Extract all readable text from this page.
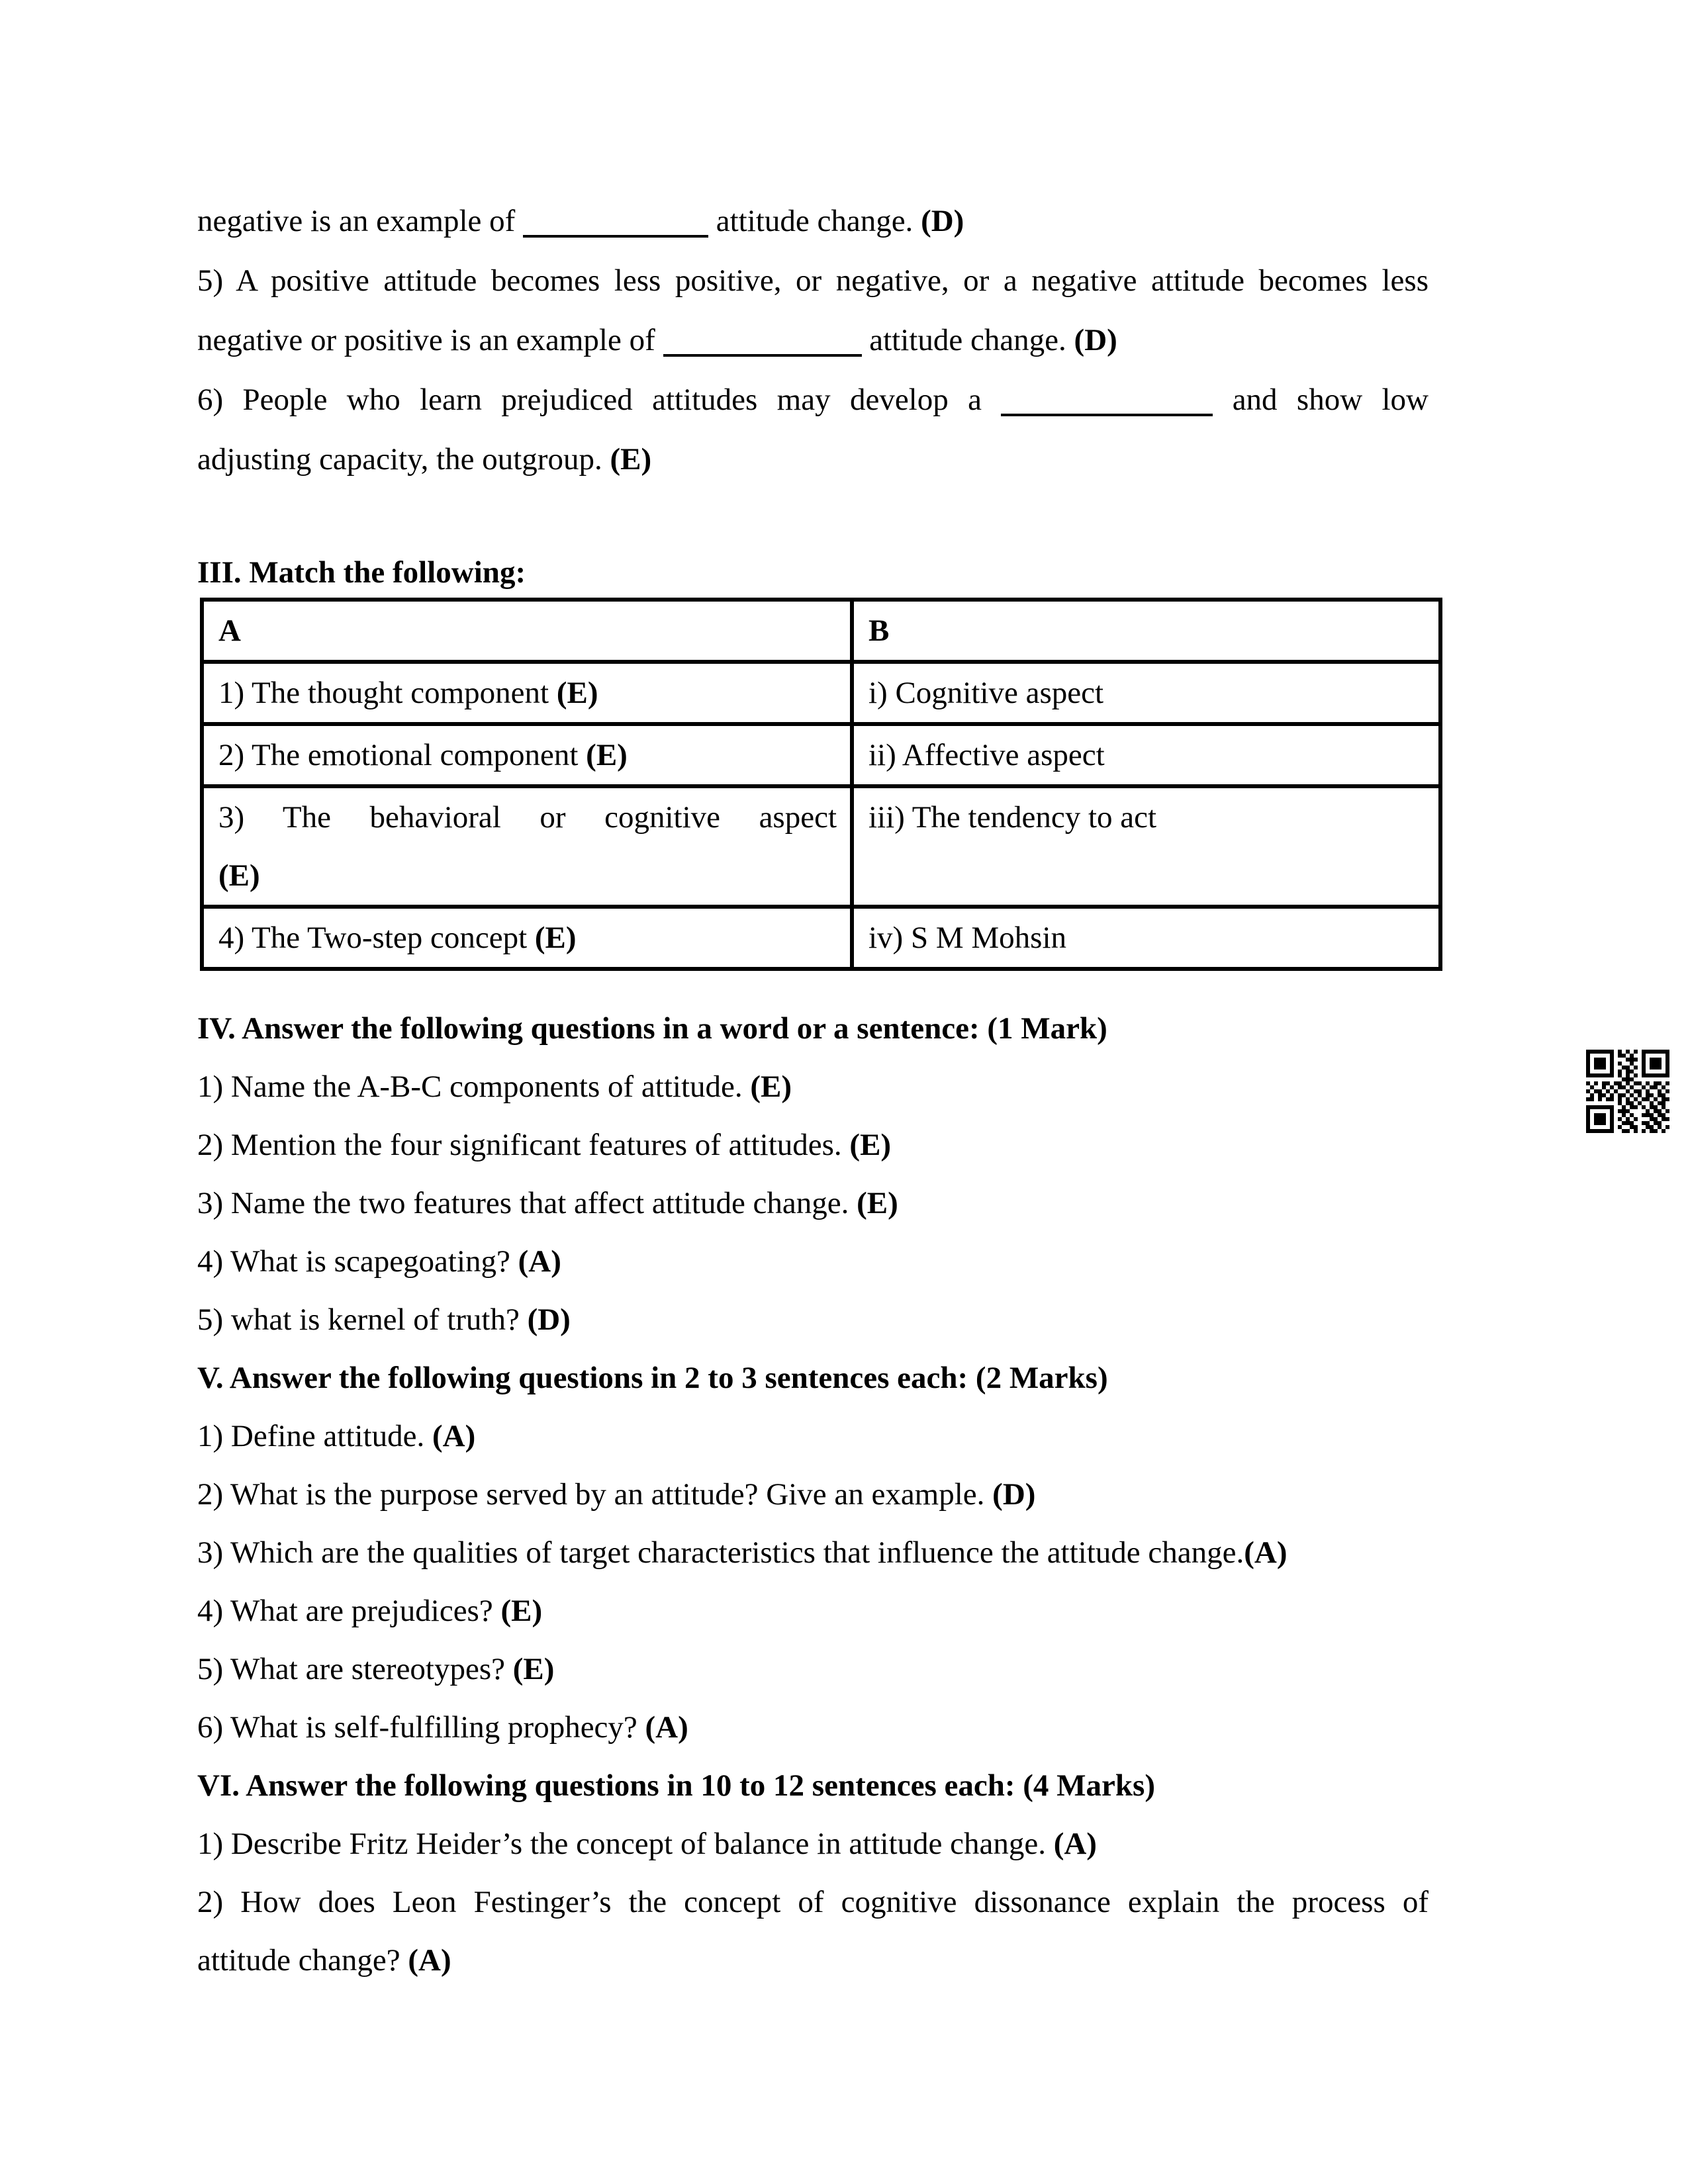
negative is an example of	attitude change. (D)
5) A positive attitude becomes less positive, or negative, or a negative attitude becomes less
negative or positive is an example of	attitude change. (D)
6) People who learn prejudiced attitudes may develop a	and show low
adjusting capacity, the outgroup. (E)
III. Match the following:
A	B
1) The thought component (E)	i) Cognitive aspect
2) The emotional component (E)	ii) Affective aspect

3) The behavioral or cognitive aspect
(E)	iii) The tendency to act
4) The Two-step concept (E)	iv) S M Mohsin
IV. Answer the following questions in a word or a sentence: (1 Mark)
1) Name the A-B-C components of attitude. (E)
2) Mention the four significant features of attitudes. (E)
3) Name the two features that affect attitude change. (E)
4) What is scapegoating? (A)
5) what is kernel of truth? (D)
V. Answer the following questions in 2 to 3 sentences each: (2 Marks)
1) Define attitude. (A)
2) What is the purpose served by an attitude? Give an example. (D)
3) Which are the qualities of target characteristics that influence the attitude change.(A)
4) What are prejudices? (E)
5) What are stereotypes? (E)
6) What is self-fulfilling prophecy? (A)
VI. Answer the following questions in 10 to 12 sentences each: (4 Marks)
1) Describe Fritz Heider’s the concept of balance in attitude change. (A)
2) How does Leon Festinger’s the concept of cognitive dissonance explain the process of
attitude change? (A)
